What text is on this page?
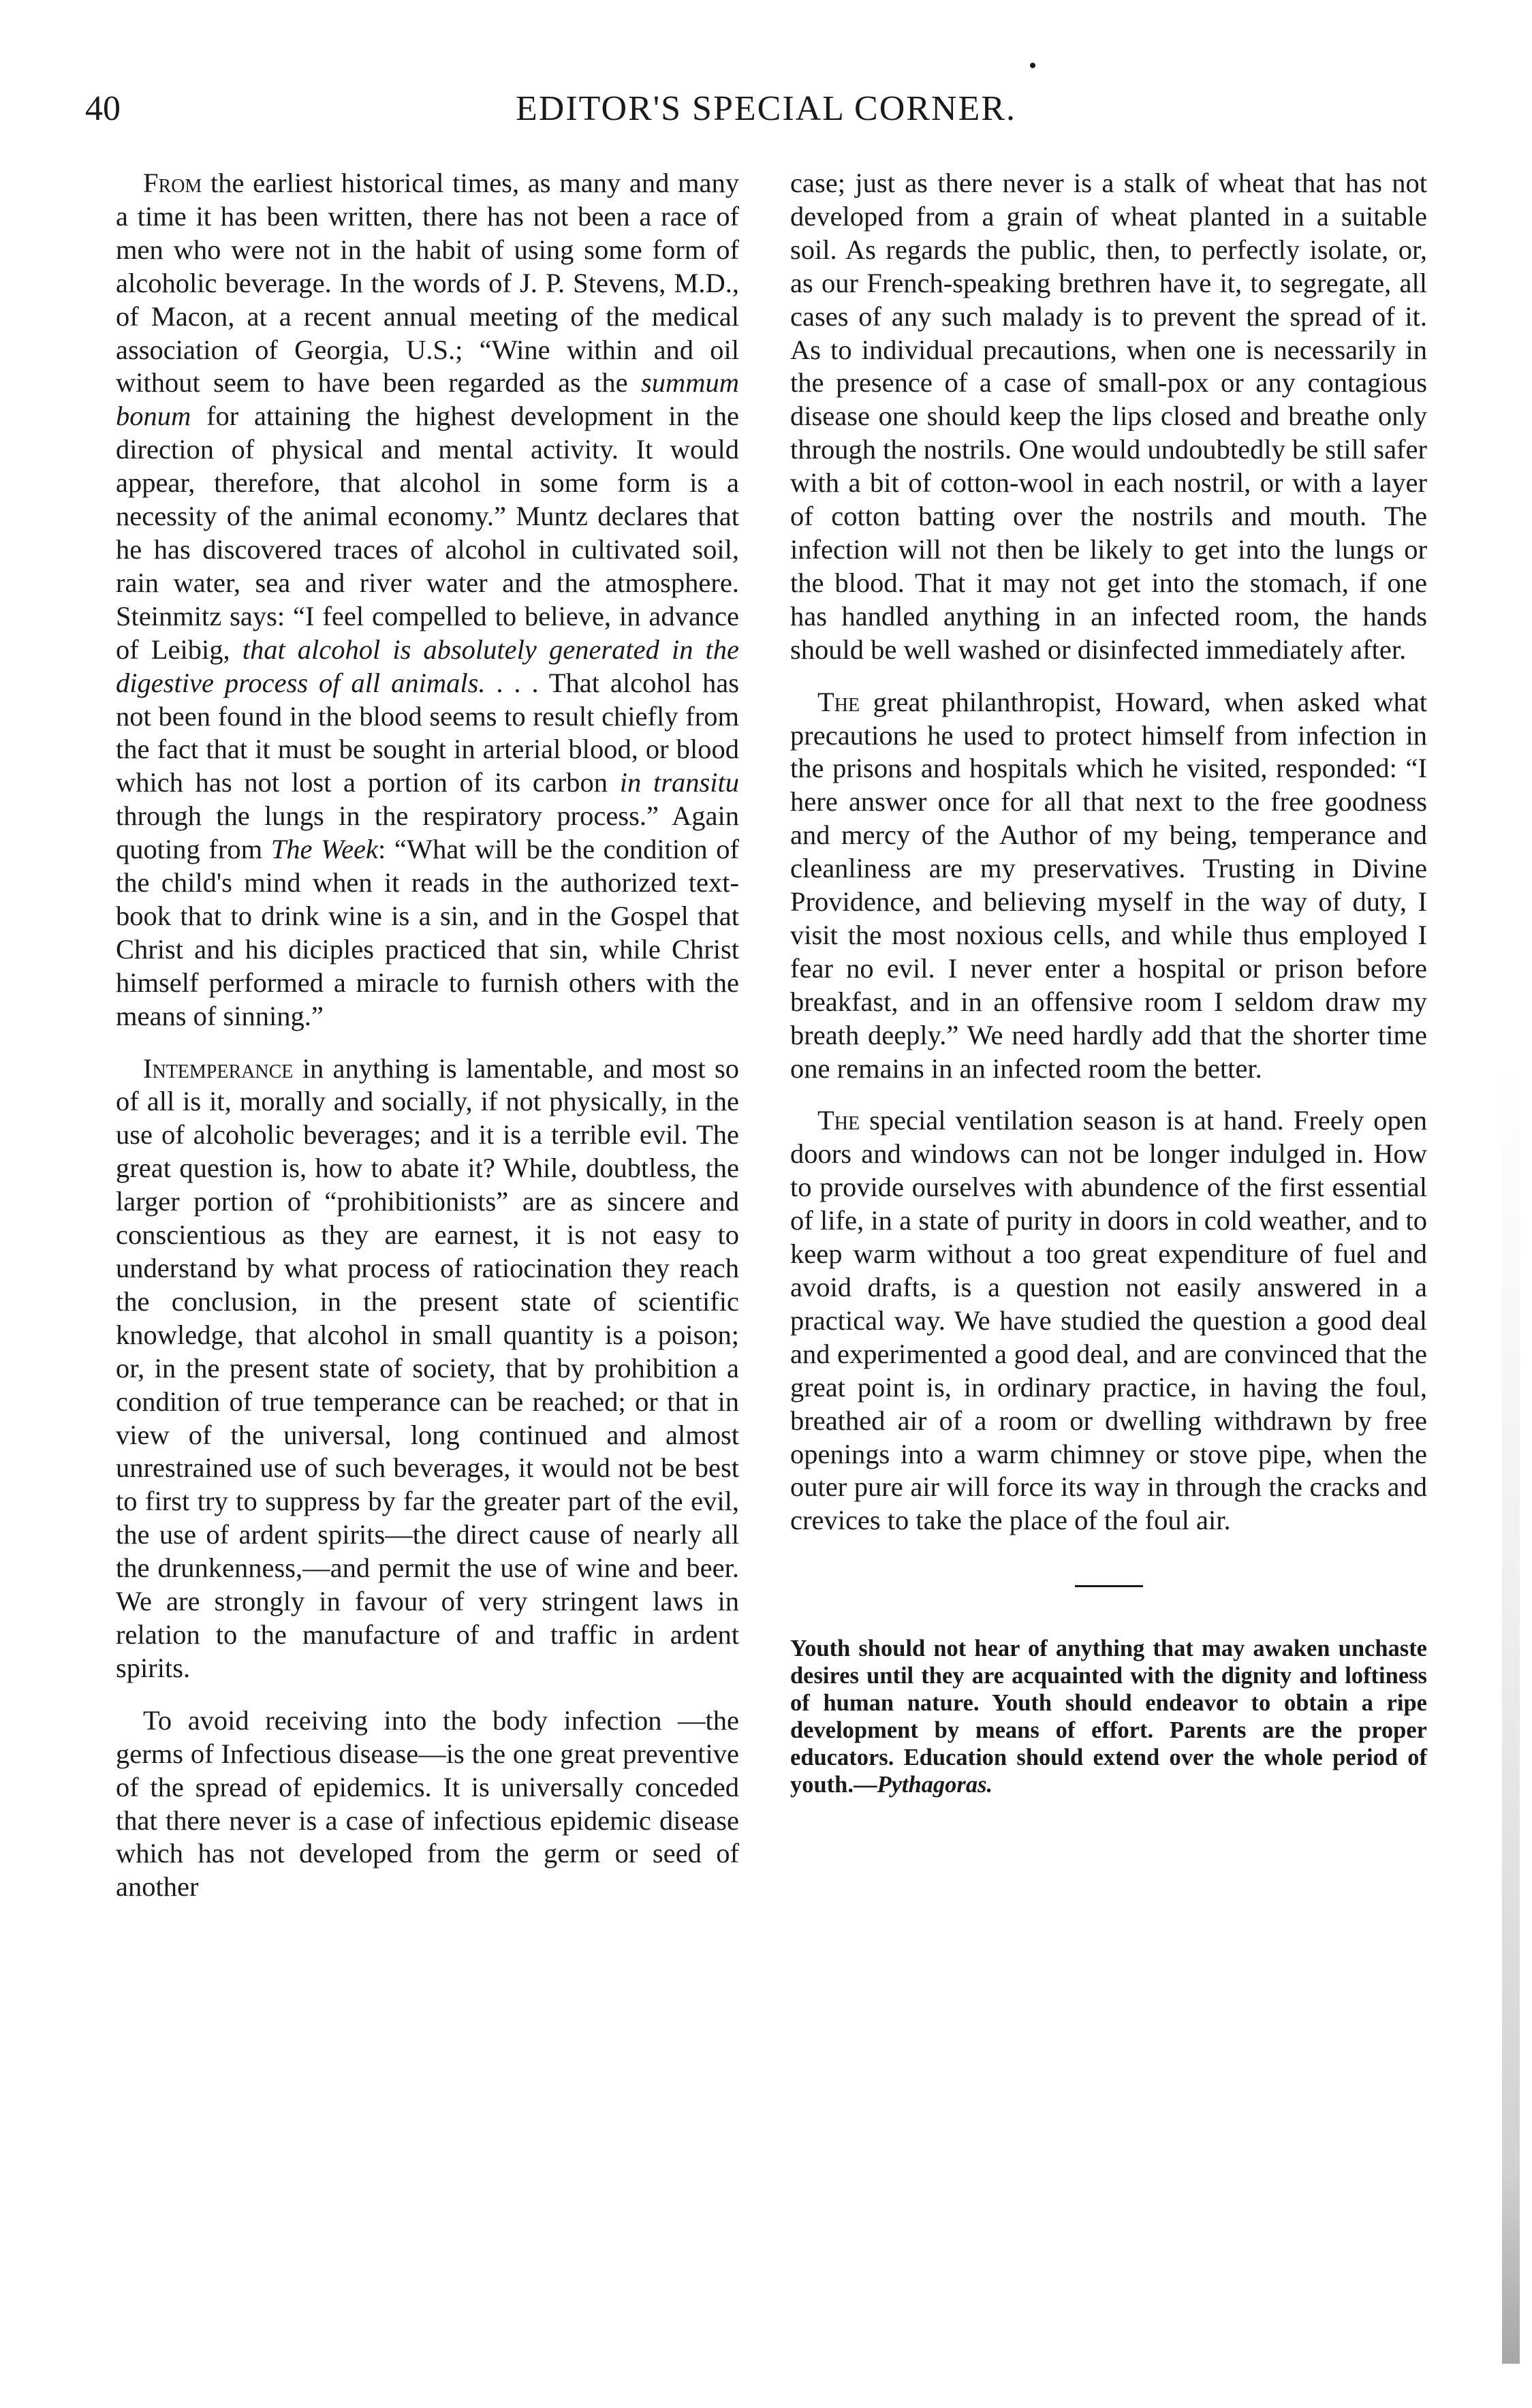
40	EDITOR'S SPECIAL CORNER.

From the earliest historical times, as many and many a time it has been written, there has not been a race of men who were not in the habit of using some form of alcoholic beverage. In the words of J. P. Stevens, M.D., of Macon, at a recent annual meeting of the medical association of Georgia, U.S.; “Wine within and oil without seem to have been regarded as the summum bonum for attaining the highest development in the direction of physical and mental activity. It would appear, therefore, that alcohol in some form is a necessity of the animal economy.” Muntz declares that he has discovered traces of alcohol in cultivated soil, rain water, sea and river water and the atmosphere. Steinmitz says: “I feel compelled to believe, in advance of Leibig, that alcohol is absolutely generated in the digestive process of all animals. . . . That alcohol has not been found in the blood seems to result chiefly from the fact that it must be sought in arterial blood, or blood which has not lost a portion of its carbon in transitu through the lungs in the respiratory process.” Again quoting from The Week: “What will be the condition of the child's mind when it reads in the authorized text-book that to drink wine is a sin, and in the Gospel that Christ and his diciples practiced that sin, while Christ himself performed a miracle to furnish others with the means of sinning.”

Intemperance in anything is lamentable, and most so of all is it, morally and socially, if not physically, in the use of alcoholic beverages; and it is a terrible evil. The great question is, how to abate it? While, doubtless, the larger portion of “prohibitionists” are as sincere and conscientious as they are earnest, it is not easy to understand by what process of ratiocination they reach the conclusion, in the present state of scientific knowledge, that alcohol in small quantity is a poison; or, in the present state of society, that by prohibition a condition of true temperance can be reached; or that in view of the universal, long continued and almost unrestrained use of such beverages, it would not be best to first try to suppress by far the greater part of the evil, the use of ardent spirits—the direct cause of nearly all the drunkenness,—and permit the use of wine and beer. We are strongly in favour of very stringent laws in relation to the manufacture of and traffic in ardent spirits.

To avoid receiving into the body infection —the germs of Infectious disease—is the one great preventive of the spread of epidemics. It is universally conceded that there never is a case of infectious epidemic disease which has not developed from the germ or seed of another

case; just as there never is a stalk of wheat that has not developed from a grain of wheat planted in a suitable soil. As regards the public, then, to perfectly isolate, or, as our French-speaking brethren have it, to segregate, all cases of any such malady is to prevent the spread of it. As to individual precautions, when one is necessarily in the presence of a case of small-pox or any contagious disease one should keep the lips closed and breathe only through the nostrils. One would undoubtedly be still safer with a bit of cotton-wool in each nostril, or with a layer of cotton batting over the nostrils and mouth. The infection will not then be likely to get into the lungs or the blood. That it may not get into the stomach, if one has handled anything in an infected room, the hands should be well washed or disinfected immediately after.

The great philanthropist, Howard, when asked what precautions he used to protect himself from infection in the prisons and hospitals which he visited, responded: “I here answer once for all that next to the free goodness and mercy of the Author of my being, temperance and cleanliness are my preservatives. Trusting in Divine Providence, and believing myself in the way of duty, I visit the most noxious cells, and while thus employed I fear no evil. I never enter a hospital or prison before breakfast, and in an offensive room I seldom draw my breath deeply.” We need hardly add that the shorter time one remains in an infected room the better.

The special ventilation season is at hand. Freely open doors and windows can not be longer indulged in. How to provide ourselves with abundence of the first essential of life, in a state of purity in doors in cold weather, and to keep warm without a too great expenditure of fuel and avoid drafts, is a question not easily answered in a practical way. We have studied the question a good deal and experimented a good deal, and are convinced that the great point is, in ordinary practice, in having the foul, breathed air of a room or dwelling withdrawn by free openings into a warm chimney or stove pipe, when the outer pure air will force its way in through the cracks and crevices to take the place of the foul air.

Youth should not hear of anything that may awaken unchaste desires until they are acquainted with the dignity and loftiness of human nature. Youth should endeavor to obtain a ripe development by means of effort. Parents are the proper educators. Education should extend over the whole period of youth.—Pythagoras.
